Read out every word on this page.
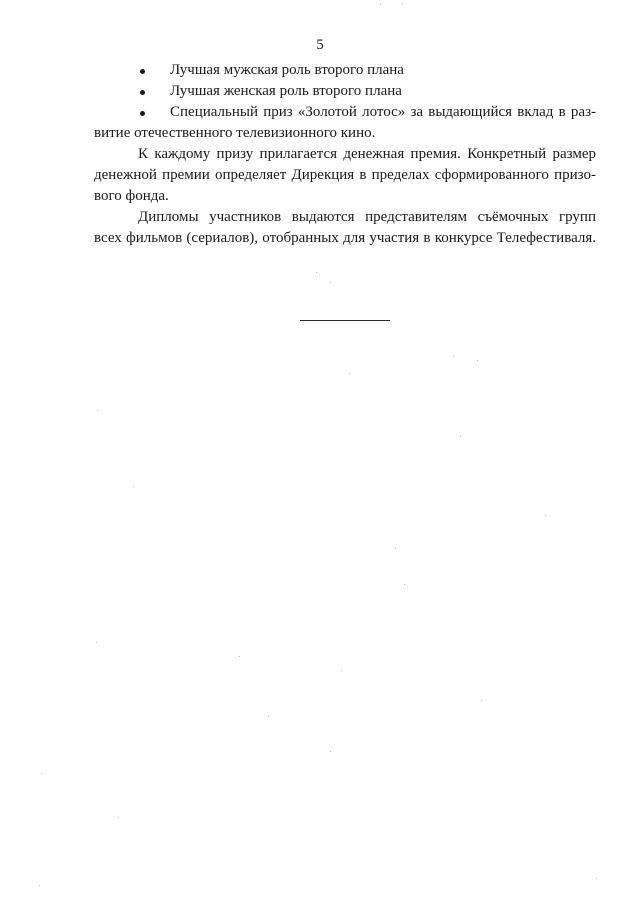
5
Лучшая мужская роль второго плана
Лучшая женская роль второго плана
Специальный приз «Золотой лотос» за выдающийся вклад в раз-
витие отечественного телевизионного кино.
К каждому призу прилагается денежная премия. Конкретный размер
денежной премии определяет Дирекция в пределах сформированного призо-
вого фонда.
Дипломы участников выдаются представителям съёмочных групп
всех фильмов (сериалов), отобранных для участия в конкурсе Телефестиваля.
